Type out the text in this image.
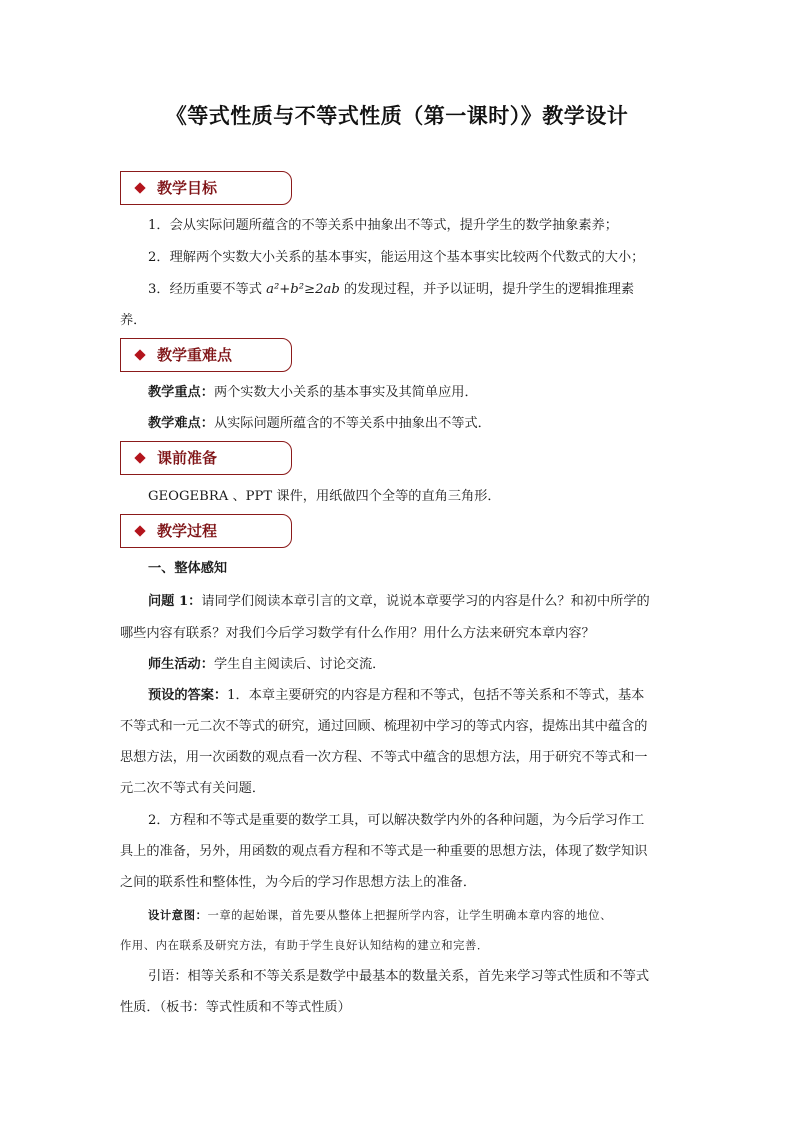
《等式性质与不等式性质（第一课时）》教学设计
教学目标
1．会从实际问题所蕴含的不等关系中抽象出不等式，提升学生的数学抽象素养；
2．理解两个实数大小关系的基本事实，能运用这个基本事实比较两个代数式的大小；
3．经历重要不等式 a²+b²≥2ab 的发现过程，并予以证明，提升学生的逻辑推理素
养．
教学重难点
教学重点：两个实数大小关系的基本事实及其简单应用．
教学难点：从实际问题所蕴含的不等关系中抽象出不等式．
课前准备
GEOGEBRA 、PPT 课件，用纸做四个全等的直角三角形．
教学过程
一、整体感知
问题 1：请同学们阅读本章引言的文章，说说本章要学习的内容是什么？和初中所学的
哪些内容有联系？对我们今后学习数学有什么作用？用什么方法来研究本章内容？
师生活动：学生自主阅读后、讨论交流．
预设的答案：1．本章主要研究的内容是方程和不等式，包括不等关系和不等式，基本
不等式和一元二次不等式的研究，通过回顾、梳理初中学习的等式内容，提炼出其中蕴含的
思想方法，用一次函数的观点看一次方程、不等式中蕴含的思想方法，用于研究不等式和一
元二次不等式有关问题．
2．方程和不等式是重要的数学工具，可以解决数学内外的各种问题，为今后学习作工
具上的准备，另外，用函数的观点看方程和不等式是一种重要的思想方法，体现了数学知识
之间的联系性和整体性，为今后的学习作思想方法上的准备．
设计意图：一章的起始课，首先要从整体上把握所学内容，让学生明确本章内容的地位、
作用、内在联系及研究方法，有助于学生良好认知结构的建立和完善．
引语：相等关系和不等关系是数学中最基本的数量关系，首先来学习等式性质和不等式
性质．（板书：等式性质和不等式性质）
